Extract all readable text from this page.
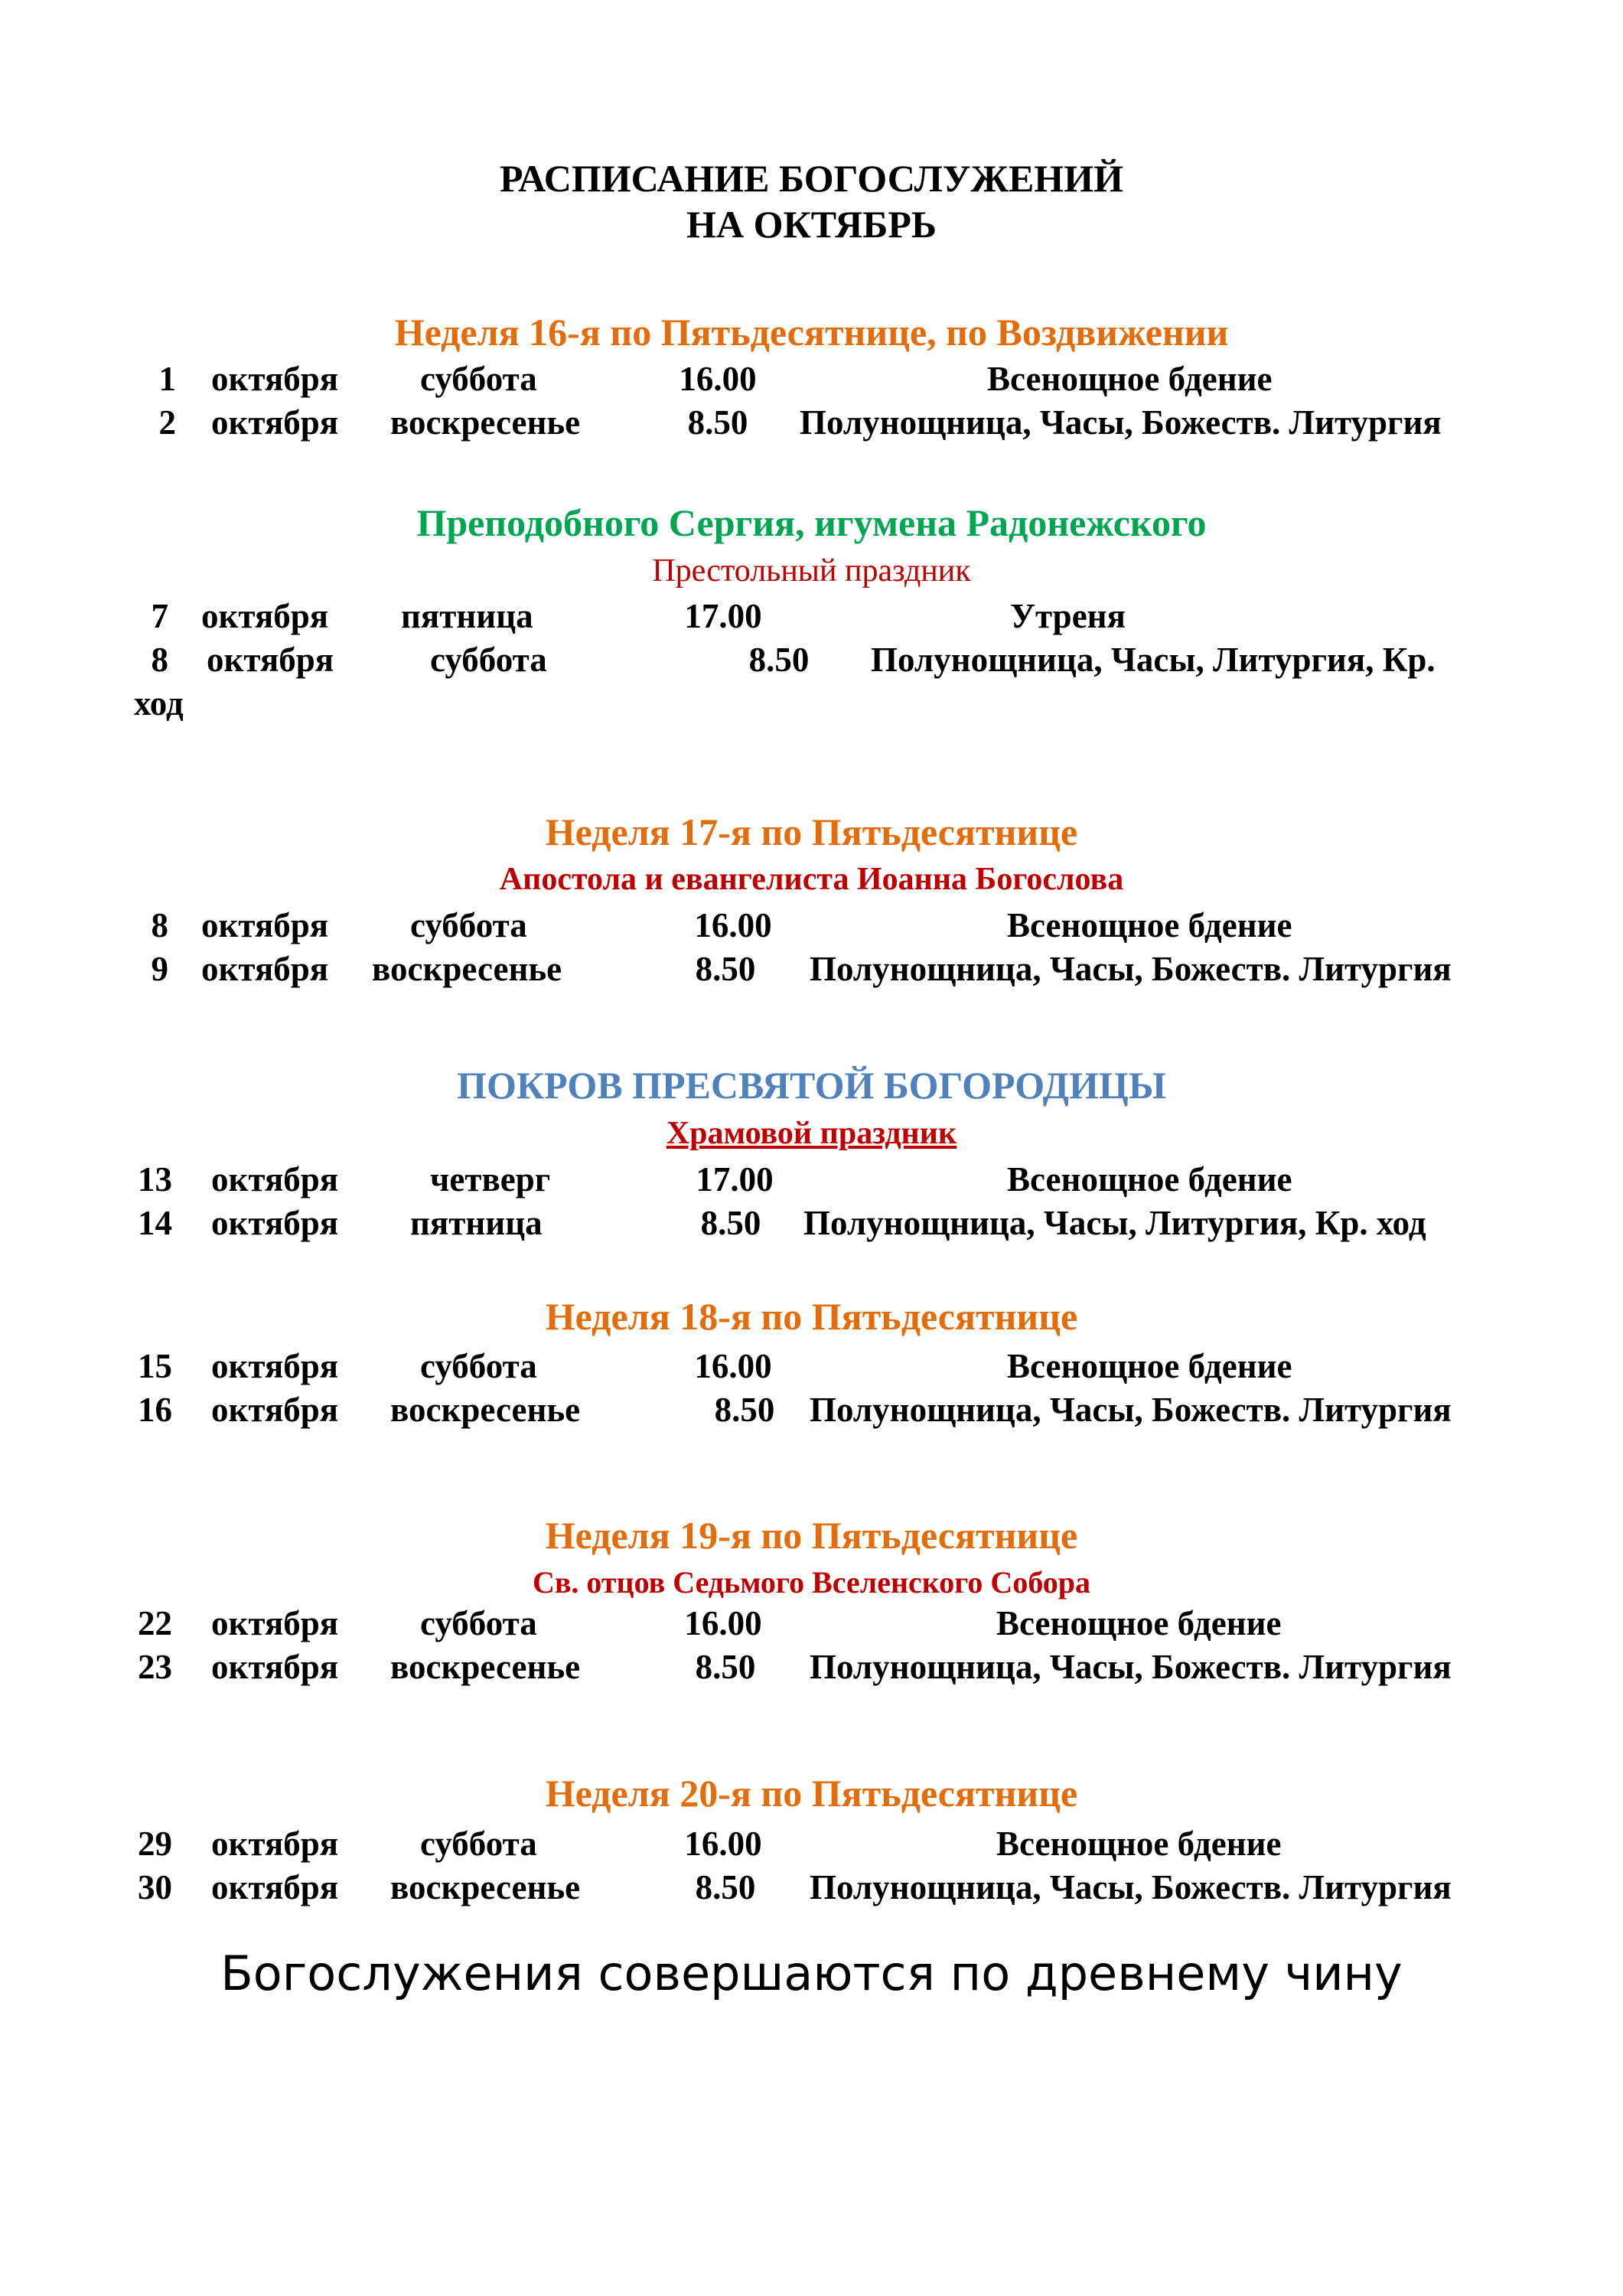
РАСПИСАНИЕ БОГОСЛУЖЕНИЙ
НА ОКТЯБРЬ
Неделя 16-я по Пятьдесятнице, по Воздвижении
1 октября суббота	16.00	Всенощное бдение
2 октября воскресенье	8.50	Полунощница, Часы, Божеств. Литургия
Преподобного Сергия, игумена Радонежского
Престольный праздник
7 октября пятница	17.00	Утреня
8 октября	суббота	8.50	Полунощница, Часы, Литургия, Кр.
ход
Неделя 17-я по Пятьдесятнице
Апостола и евангелиста Иоанна Богослова
8 октября суббота	16.00	Всенощное бдение
9 октября воскресенье	8.50	Полунощница, Часы, Божеств. Литургия
ПОКРОВ ПРЕСВЯТОЙ БОГОРОДИЦЫ
Храмовой праздник
13 октября	четверг	17.00	Всенощное бдение
14 октября пятница	8.50	Полунощница, Часы, Литургия, Кр. ход
Неделя 18-я по Пятьдесятнице
15 октября суббота	16.00	Всенощное бдение
16 октября воскресенье	8.50	Полунощница, Часы, Божеств. Литургия
Неделя 19-я по Пятьдесятнице
Св. отцов Седьмого Вселенского Собора
22 октября суббота	16.00	Всенощное бдение
23 октября воскресенье	8.50	Полунощница, Часы, Божеств. Литургия
Неделя 20-я по Пятьдесятнице
29 октября суббота	16.00	Всенощное бдение
30 октября воскресенье	8.50	Полунощница, Часы, Божеств. Литургия
Богослужения совершаются по древнему чину
